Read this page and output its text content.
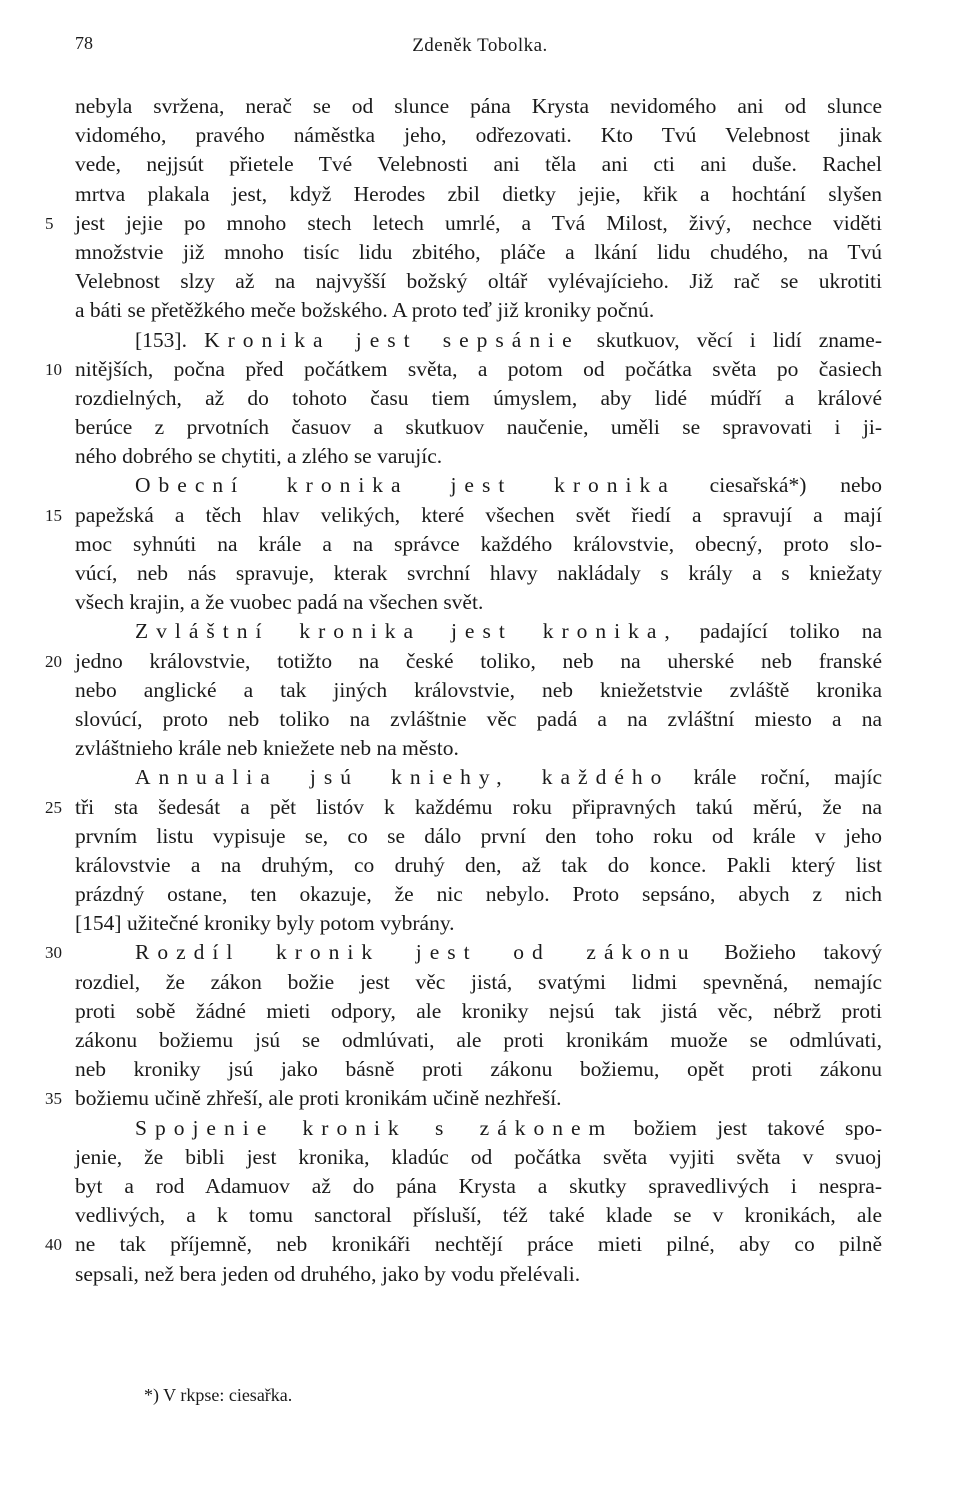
78	Zdeněk Tobolka.
nebyla svržena, nerač se od slunce pána Krysta nevidomého ani od slunce
vidomého, pravého náměstka jeho, odřezovati. Kto Tvú Velebnost jinak
vede, nejjsút přietele Tvé Velebnosti ani těla ani cti ani duše. Rachel
mrtva plakala jest, když Herodes zbil dietky jejie, křik a hochtání slyšen
5 jest jejie po mnoho stech letech umrlé, a Tvá Milost, živý, nechce viděti
množstvie již mnoho tisíc lidu zbitého, pláče a lkání lidu chudého, na Tvú
Velebnost slzy až na najvyšší božský oltář vylévajícieho. Již rač se ukrotiti
a báti se přetěžkého meče božského. A proto teď již kroniky počnú.
[153]. Kronika jest sepsánie skutkuov, věcí i lidí zname-
10 nitějších, počna před počátkem světa, a potom od počátka světa po časiech
rozdielných, až do tohoto času tiem úmyslem, aby lidé múdří a králové
berúce z prvotních časuov a skutkuov naučenie, uměli se spravovati i ji-
ného dobrého se chytiti, a zlého se varujíc.
Obecní kronika jest kronika ciesařská*) nebo
15 papežská a těch hlav velikých, které všechen svět řiedí a spravují a mají
moc syhnúti na krále a na správce každého královstvie, obecný, proto slo-
vúcí, neb nás spravuje, kterak svrchní hlavy nakládaly s krály a s kniežaty
všech krajin, a že vuobec padá na všechen svět.
Zvláštní kronika jest kronika, padající toliko na
20 jedno královstvie, totižto na české toliko, neb na uherské neb franské
nebo anglické a tak jiných královstvie, neb kniežetstvie zvláště kronika
slovúcí, proto neb toliko na zvláštnie věc padá a na zvláštní miesto a na
zvláštnieho krále neb kniežete neb na město.
Annualia jsú kniehy, každého krále roční, majíc
25 tři sta šedesát a pět listóv k každému roku připravných takú měrú, že na
prvním listu vypisuje se, co se dálo první den toho roku od krále v jeho
královstvie a na druhým, co druhý den, až tak do konce. Pakli který list
prázdný ostane, ten okazuje, že nic nebylo. Proto sepsáno, abych z nich
[154] užitečné kroniky byly potom vybrány.
30	Rozdíl kronik jest od zákonu Božieho takový
rozdiel, že zákon božie jest věc jistá, svatými lidmi spevněná, nemajíc
proti sobě žádné mieti odpory, ale kroniky nejsú tak jistá věc, nébrž proti
zákonu božiemu jsú se odmlúvati, ale proti kronikám muože se odmlúvati,
neb kroniky jsú jako básně proti zákonu božiemu, opět proti zákonu
35 božiemu učině zhřeší, ale proti kronikám učině nezhřeší.
Spojenie kronik s zákonem božiem jest takové spo-
jenie, že bibli jest kronika, kladúc od počátka světa vyjiti světa v svuoj
byt a rod Adamuov až do pána Krysta a skutky spravedlivých i nespra-
vedlivých, a k tomu sanctoral přísluší, též také klade se v kronikách, ale
40 ne tak příjemně, neb kronikáři nechtějí práce mieti pilné, aby co pilně
sepsali, než bera jeden od druhého, jako by vodu přelévali.
*) V rkpse: ciesařka.
